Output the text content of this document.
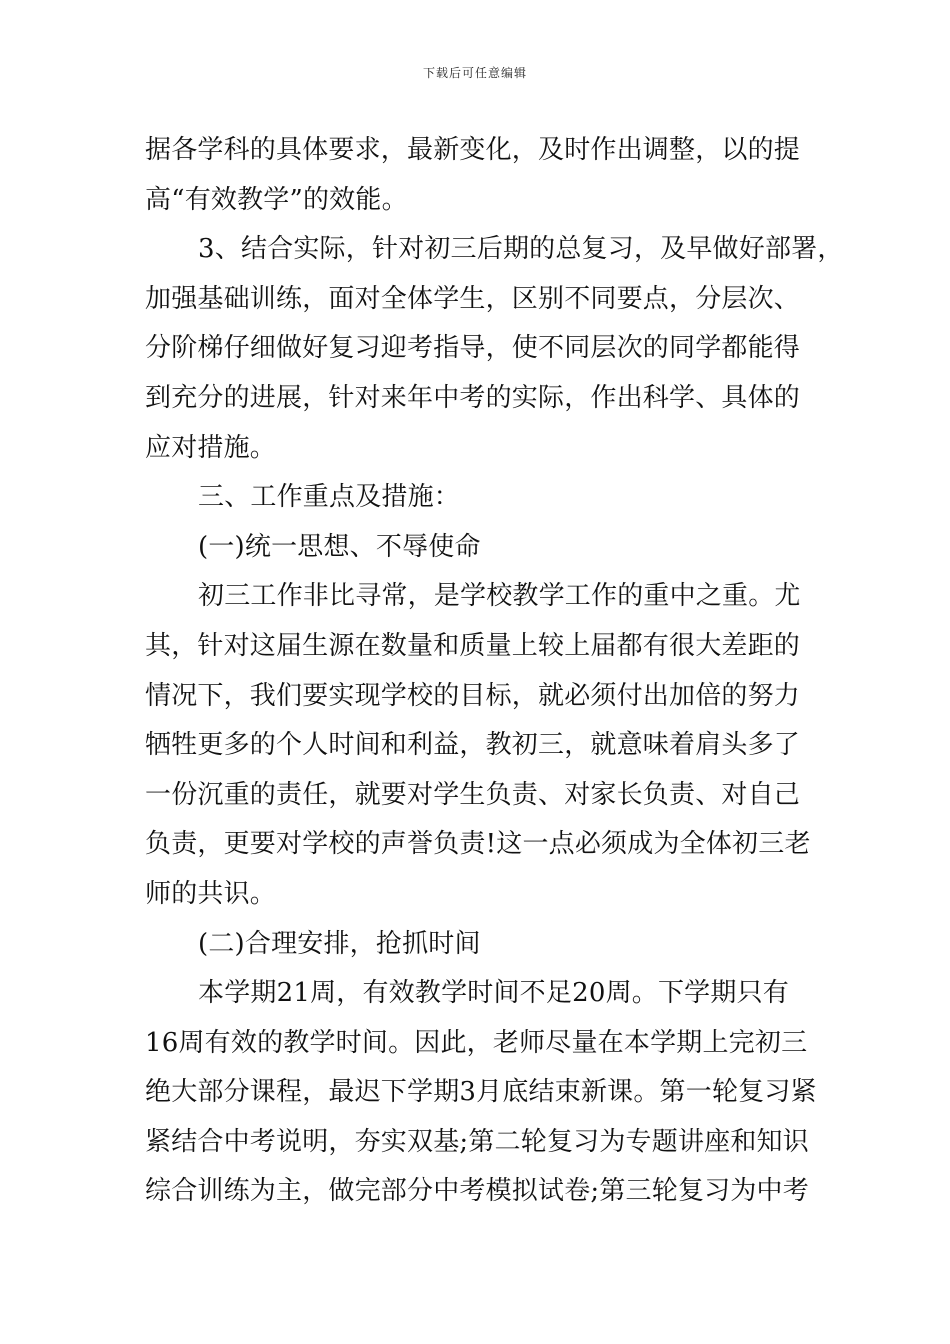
下载后可任意编辑
据各学科的具体要求，最新变化，及时作出调整，以的提
高“有效教学”的效能。
3、结合实际，针对初三后期的总复习，及早做好部署，
加强基础训练，面对全体学生，区别不同要点，分层次、
分阶梯仔细做好复习迎考指导，使不同层次的同学都能得
到充分的进展，针对来年中考的实际，作出科学、具体的
应对措施。
三、工作重点及措施：
(一)统一思想、不辱使命
初三工作非比寻常，是学校教学工作的重中之重。尤
其，针对这届生源在数量和质量上较上届都有很大差距的
情况下，我们要实现学校的目标，就必须付出加倍的努力
牺牲更多的个人时间和利益，教初三，就意味着肩头多了
一份沉重的责任，就要对学生负责、对家长负责、对自己
负责，更要对学校的声誉负责!这一点必须成为全体初三老
师的共识。
(二)合理安排，抢抓时间
本学期21周，有效教学时间不足20周。下学期只有
16周有效的教学时间。因此，老师尽量在本学期上完初三
绝大部分课程，最迟下学期3月底结束新课。第一轮复习紧
紧结合中考说明，夯实双基;第二轮复习为专题讲座和知识
综合训练为主，做完部分中考模拟试卷;第三轮复习为中考
